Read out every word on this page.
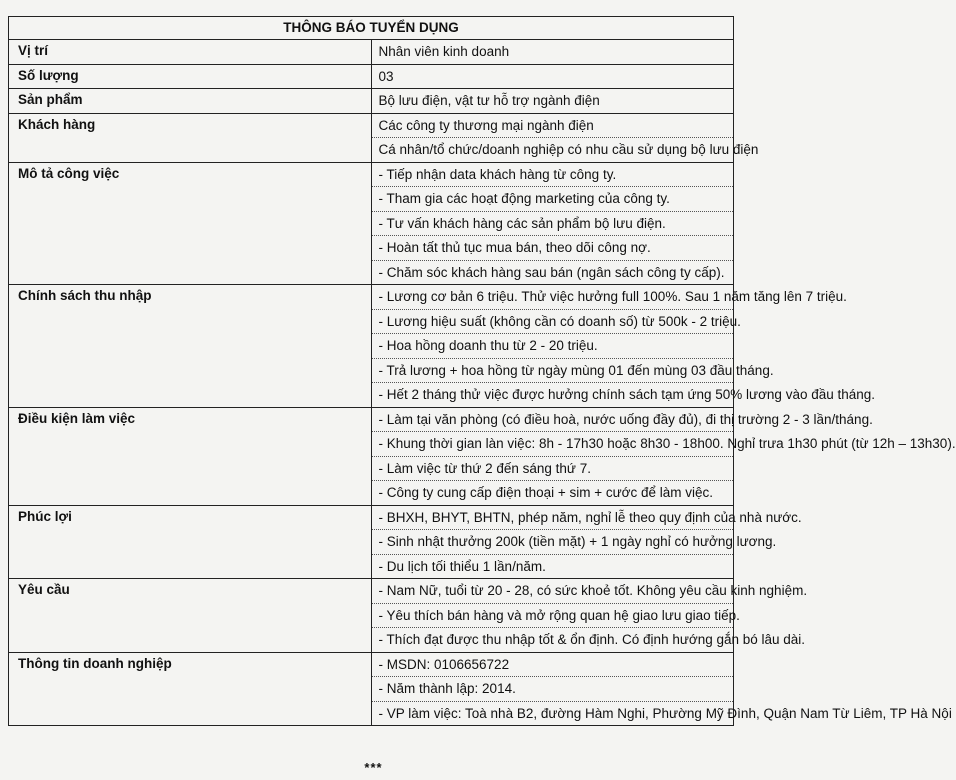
THÔNG BÁO TUYỂN DỤNG	
Vị trí	Nhân viên kinh doanh

Số lượng	03

Sản phẩm	Bộ lưu điện, vật tư hỗ trợ ngành điện

Khách hàng	Các công ty thương mại ngành điện
Cá nhân/tổ chức/doanh nghiệp có nhu cầu sử dụng bộ lưu điện

Mô tả công việc	- Tiếp nhận data khách hàng từ công ty.
- Tham gia các hoạt động marketing của công ty.
- Tư vấn khách hàng các sản phẩm bộ lưu điện.
- Hoàn tất thủ tục mua bán, theo dõi công nợ.
- Chăm sóc khách hàng sau bán (ngân sách công ty cấp).

Chính sách thu nhập	- Lương cơ bản 6 triệu. Thử việc hưởng full 100%. Sau 1 năm tăng lên 7 triệu.
- Lương hiệu suất (không cần có doanh số) từ 500k - 2 triệu.
- Hoa hồng doanh thu từ 2 - 20 triệu.
- Trả lương + hoa hồng từ ngày mùng 01 đến mùng 03 đầu tháng.
- Hết 2 tháng thử việc được hưởng chính sách tạm ứng 50% lương vào đầu tháng.

Điều kiện làm việc	- Làm tại văn phòng (có điều hoà, nước uống đầy đủ), đi thị trường 2 - 3 lần/tháng.
- Khung thời gian làn việc: 8h - 17h30 hoặc 8h30 - 18h00. Nghỉ trưa 1h30 phút (từ 12h – 13h30).
- Làm việc từ thứ 2 đến sáng thứ 7.
- Công ty cung cấp điện thoại + sim + cước để làm việc.

Phúc lợi	- BHXH, BHYT, BHTN, phép năm, nghỉ lễ theo quy định của nhà nước.
- Sinh nhật thưởng 200k (tiền mặt) + 1 ngày nghỉ có hưởng lương.
- Du lịch tối thiểu 1 lần/năm.

Yêu cầu	- Nam Nữ, tuổi từ 20 - 28, có sức khoẻ tốt. Không yêu cầu kinh nghiệm.
- Yêu thích bán hàng và mở rộng quan hệ giao lưu giao tiếp.
- Thích đạt được thu nhập tốt & ổn định. Có định hướng gắn bó lâu dài.

Thông tin doanh nghiệp	- MSDN: 0106656722
- Năm thành lập: 2014.
- VP làm việc: Toà nhà B2, đường Hàm Nghi, Phường Mỹ Đình, Quận Nam Từ Liêm, TP Hà Nội
***
